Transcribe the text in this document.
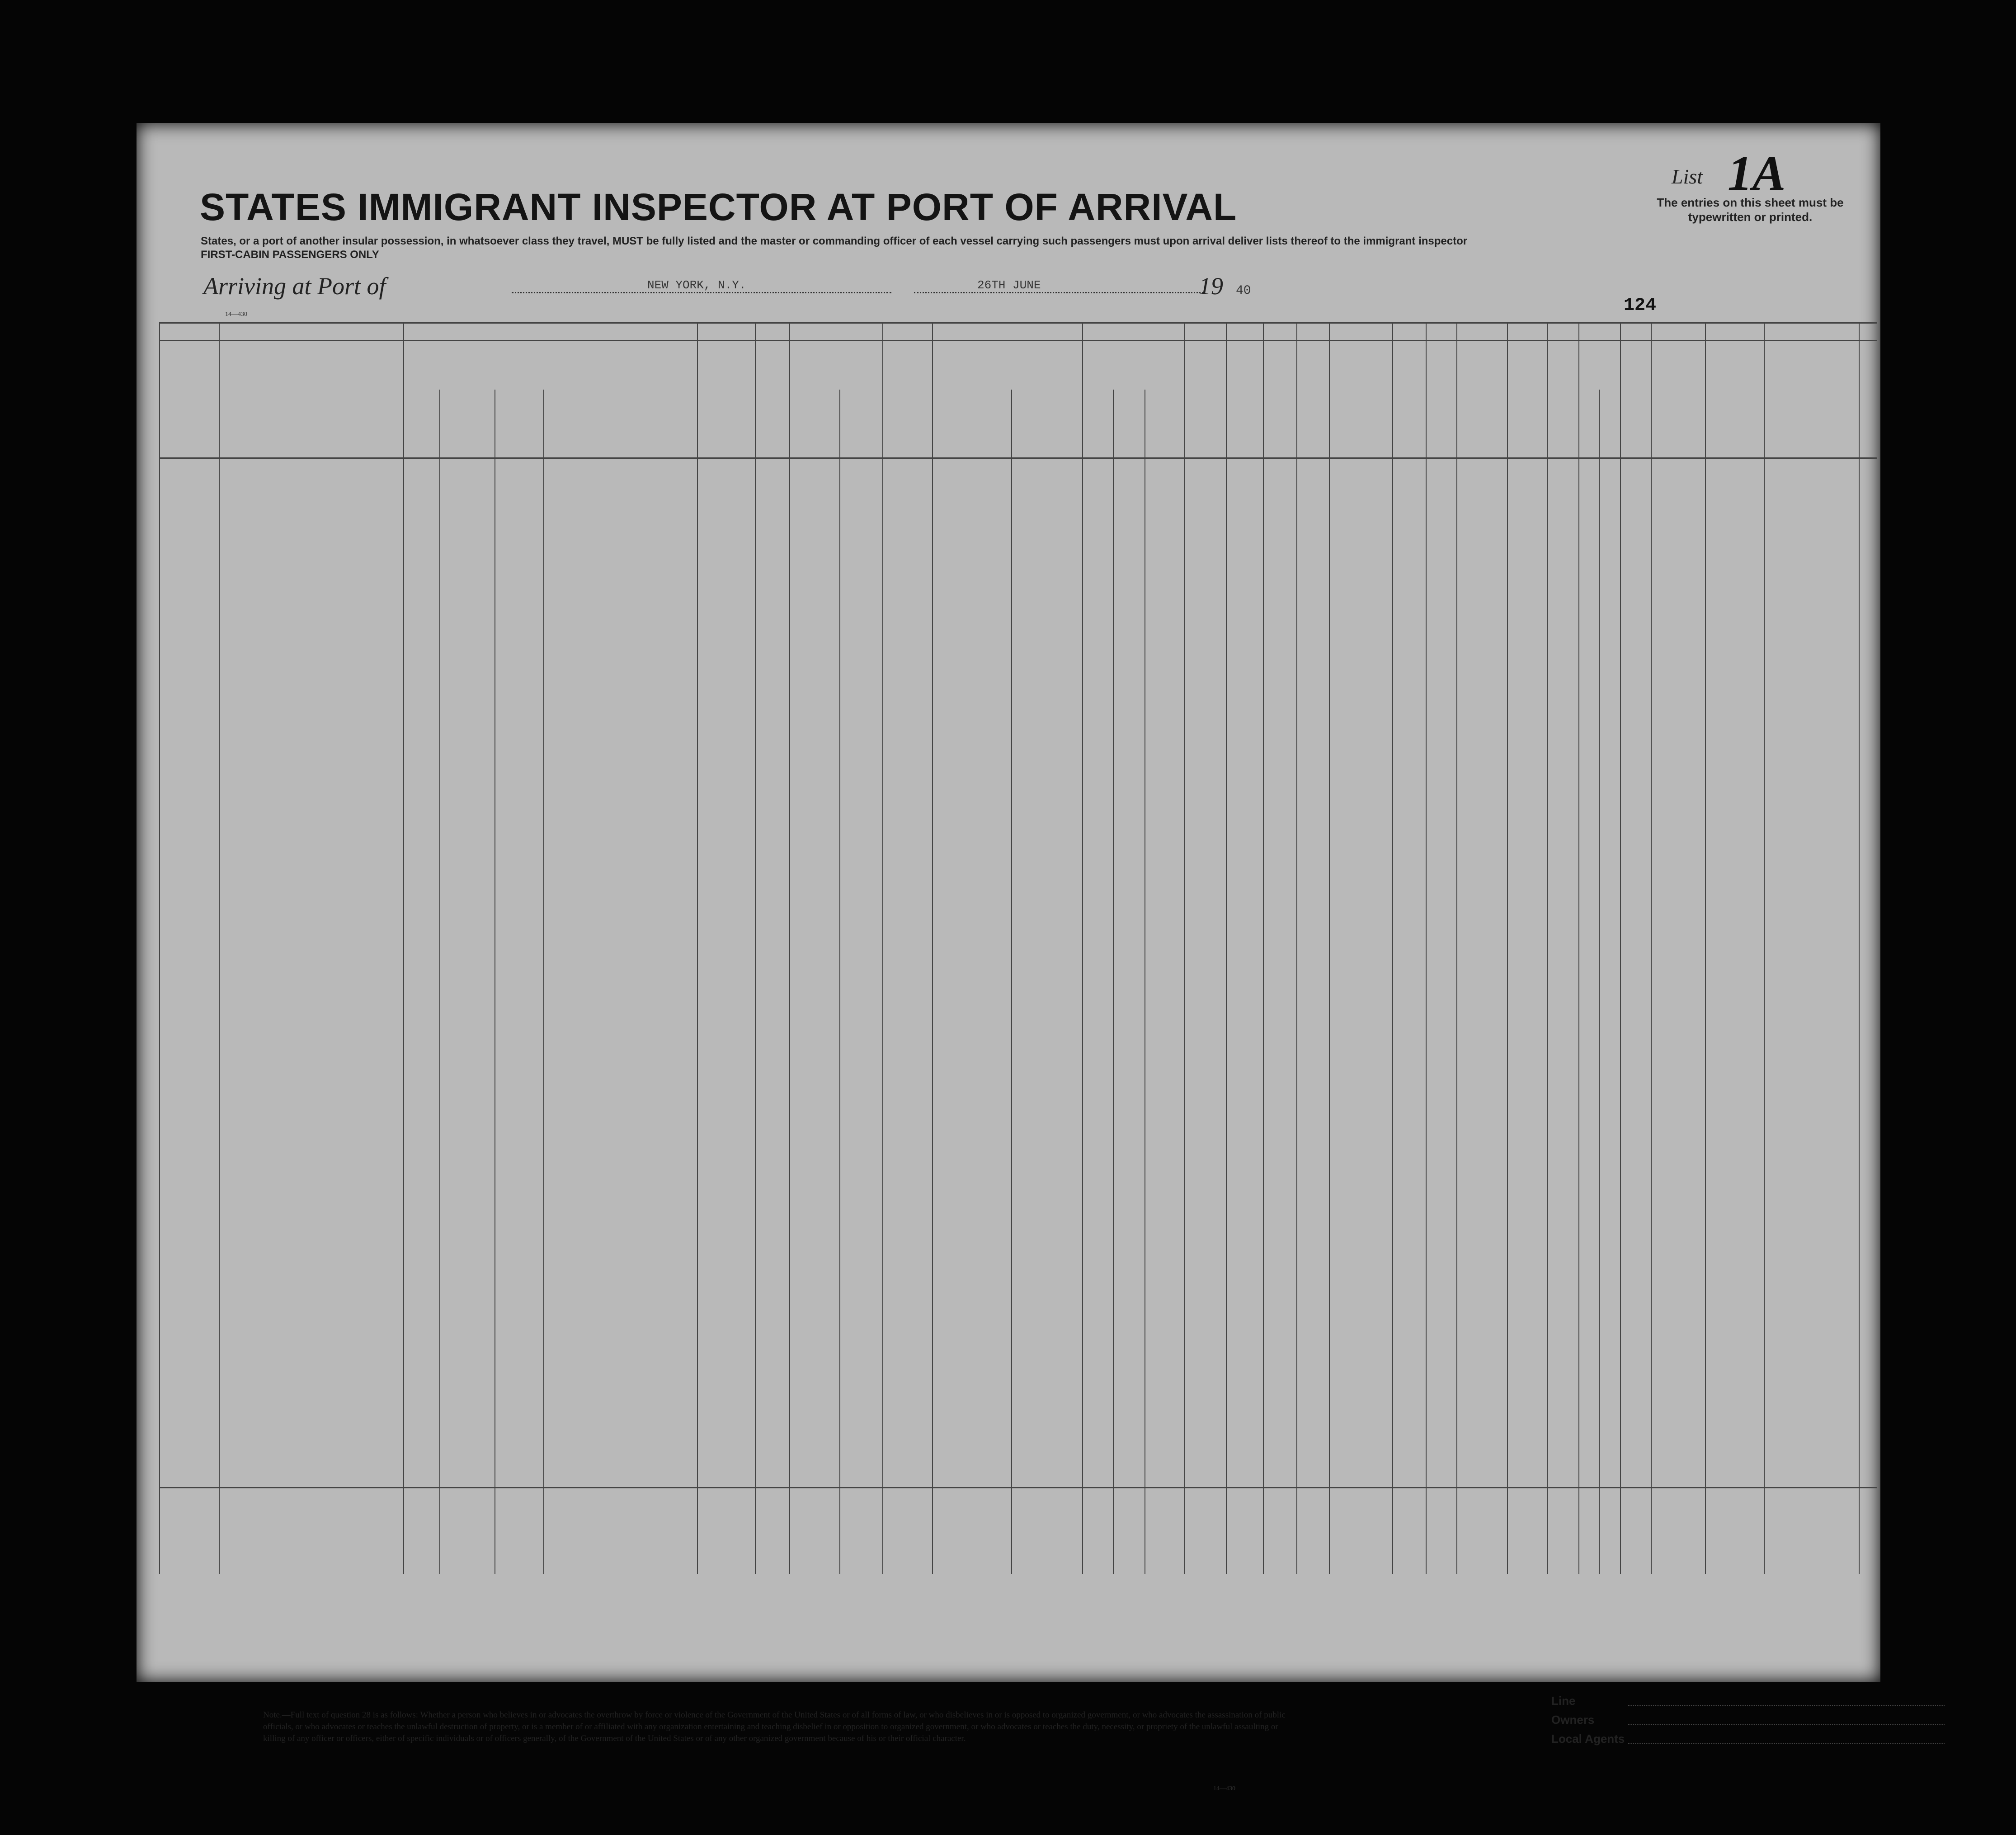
STATES IMMIGRANT INSPECTOR AT PORT OF ARRIVAL
States, or a port of another insular possession, in whatsoever class they travel, MUST be fully listed and the master or commanding officer of each vessel carrying such passengers must upon arrival deliver lists thereof to the immigrant inspector
FIRST-CABIN PASSENGERS ONLY
List 1A
The entries on this sheet must be typewritten or printed.
Arriving at Port of	NEW YORK, N.Y.	26TH JUNE	19 40
124
14—430
Note.—Full text of question 28 is as follows: Whether a person who believes in or advocates the overthrow by force or violence of the Government of the United States or of all forms of law, or who disbelieves in or is opposed to organized government, or who advocates the assassination of public officials, or who advocates or teaches the unlawful destruction of property, or is a member of or affiliated with any organization entertaining and teaching disbelief in or opposition to organized government, or who advocates or teaches the duty, necessity, or propriety of the unlawful assaulting or killing of any officer or officers, either of specific individuals or of officers generally, of the Government of the United States or of any other organized government because of his or their official character.
Line
Owners
Local Agents
14—430
